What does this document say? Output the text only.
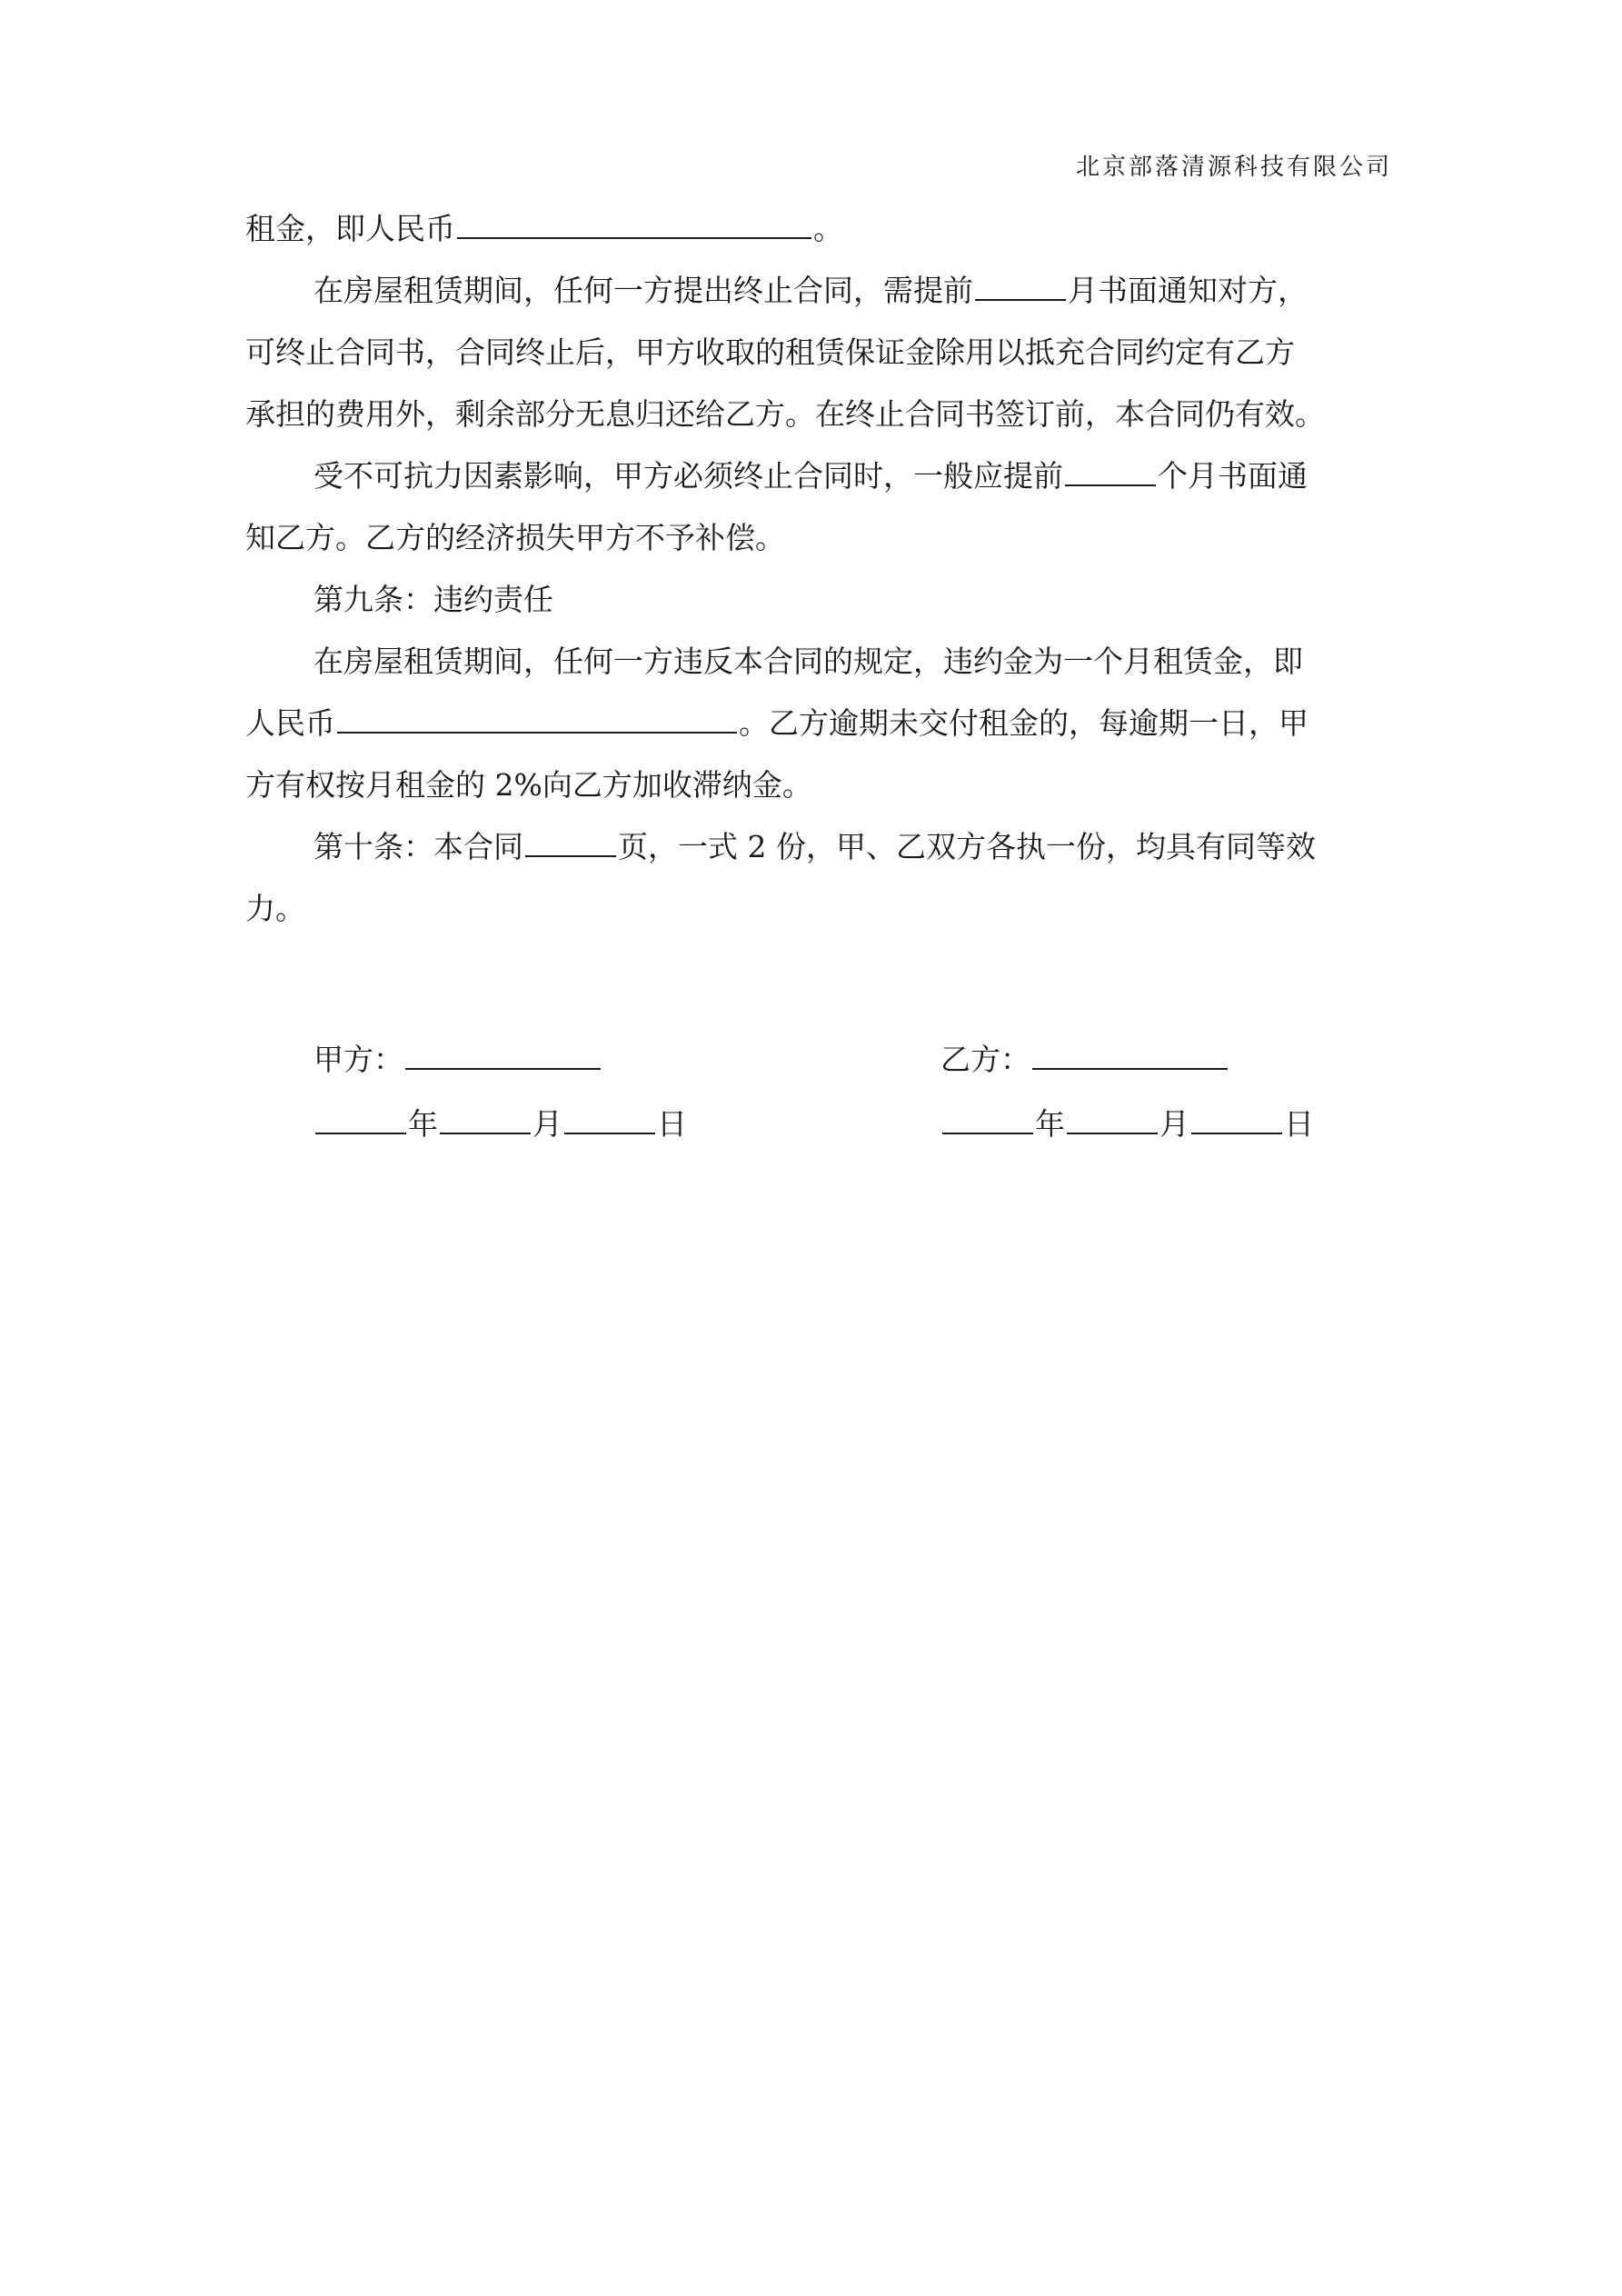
北京部落清源科技有限公司
租金，即人民币	。
在房屋租赁期间，任何一方提出终止合同，需提前	月书面通知对方，
可终止合同书，合同终止后，甲方收取的租赁保证金除用以抵充合同约定有乙方
承担的费用外，剩余部分无息归还给乙方。在终止合同书签订前，本合同仍有效。
受不可抗力因素影响，甲方必须终止合同时，一般应提前	个月书面通
知乙方。乙方的经济损失甲方不予补偿。
第九条：违约责任
在房屋租赁期间，任何一方违反本合同的规定，违约金为一个月租赁金，即
人民币	。乙方逾期未交付租金的，每逾期一日，甲
方有权按月租金的 2%向乙方加收滞纳金。
第十条：本合同	页，一式 2 份，甲、乙双方各执一份，均具有同等效
力。
甲方：
年	月	日
乙方：
年	月	日
